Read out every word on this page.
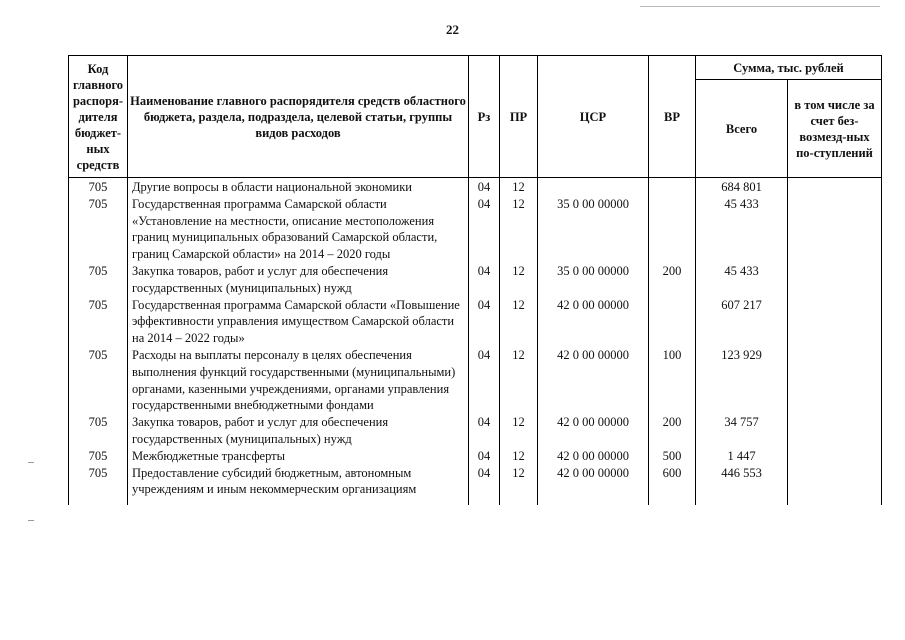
22
Код главного распоря-дителя бюджет-ных средств	Наименование главного распорядителя средств областного бюджета, раздела, подраздела, целевой статьи, группы видов расходов	Рз	ПР	ЦСР	ВР	Сумма, тыс. рублей	
						Всего	в том числе за счет без-возмезд-ных по-ступлений
705	Другие вопросы в области национальной экономики	04	12			684 801	
705	Государственная программа Самарской области «Установление на местности, описание местоположения границ муниципальных образований Самарской области, границ Самарской области» на 2014 – 2020 годы	04	12	35 0 00 00000		45 433	
705	Закупка товаров, работ и услуг для обеспечения государственных (муниципальных) нужд	04	12	35 0 00 00000	200	45 433	
705	Государственная программа Самарской области «Повышение эффективности управления имуществом Самарской области на 2014 – 2022 годы»	04	12	42 0 00 00000		607 217	
705	Расходы на выплаты персоналу в целях обеспечения выполнения функций государственными (муниципальными) органами, казенными учреждениями, органами управления государственными внебюджетными фондами	04	12	42 0 00 00000	100	123 929	
705	Закупка товаров, работ и услуг для обеспечения государственных (муниципальных) нужд	04	12	42 0 00 00000	200	34 757	
705	Межбюджетные трансферты	04	12	42 0 00 00000	500	1 447	
705	Предоставление субсидий бюджетным, автономным учреждениям и иным некоммерческим организациям	04	12	42 0 00 00000	600	446 553	
